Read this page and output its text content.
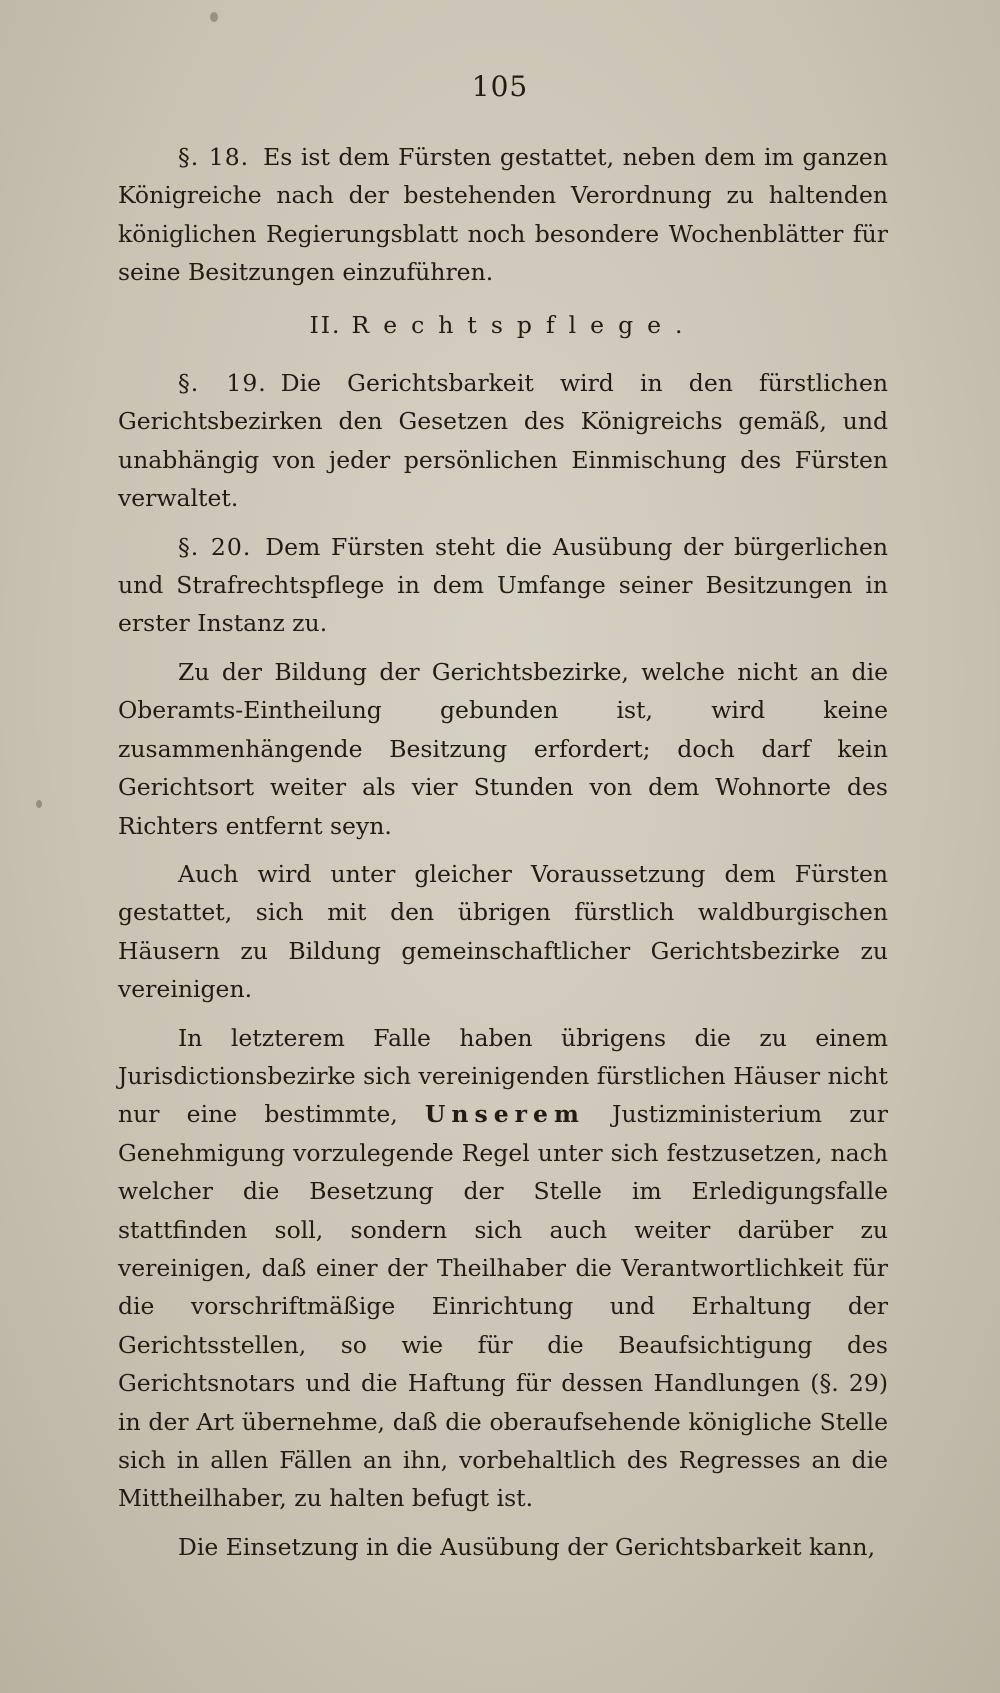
105

§. 18. Es ist dem Fürsten gestattet, neben dem im ganzen Königreiche nach der bestehenden Verordnung zu haltenden königlichen Regierungsblatt noch besondere Wochenblätter für seine Besitzungen einzuführen.

II. Rechtspflege.

§. 19. Die Gerichtsbarkeit wird in den fürstlichen Gerichtsbezirken den Gesetzen des Königreichs gemäß, und unabhängig von jeder persönlichen Einmischung des Fürsten verwaltet.

§. 20. Dem Fürsten steht die Ausübung der bürgerlichen und Strafrechtspflege in dem Umfange seiner Besitzungen in erster Instanz zu.

Zu der Bildung der Gerichtsbezirke, welche nicht an die Oberamts-Eintheilung gebunden ist, wird keine zusammenhängende Besitzung erfordert; doch darf kein Gerichtsort weiter als vier Stunden von dem Wohnorte des Richters entfernt seyn.

Auch wird unter gleicher Voraussetzung dem Fürsten gestattet, sich mit den übrigen fürstlich waldburgischen Häusern zu Bildung gemeinschaftlicher Gerichtsbezirke zu vereinigen.

In letzterem Falle haben übrigens die zu einem Jurisdictionsbezirke sich vereinigenden fürstlichen Häuser nicht nur eine bestimmte, Unserem Justizministerium zur Genehmigung vorzulegende Regel unter sich festzusetzen, nach welcher die Besetzung der Stelle im Erledigungsfalle stattfinden soll, sondern sich auch weiter darüber zu vereinigen, daß einer der Theilhaber die Verantwortlichkeit für die vorschriftmäßige Einrichtung und Erhaltung der Gerichtsstellen, so wie für die Beaufsichtigung des Gerichtsnotars und die Haftung für dessen Handlungen (§. 29) in der Art übernehme, daß die oberaufsehende königliche Stelle sich in allen Fällen an ihn, vorbehaltlich des Regresses an die Mittheilhaber, zu halten befugt ist.

Die Einsetzung in die Ausübung der Gerichtsbarkeit kann,
